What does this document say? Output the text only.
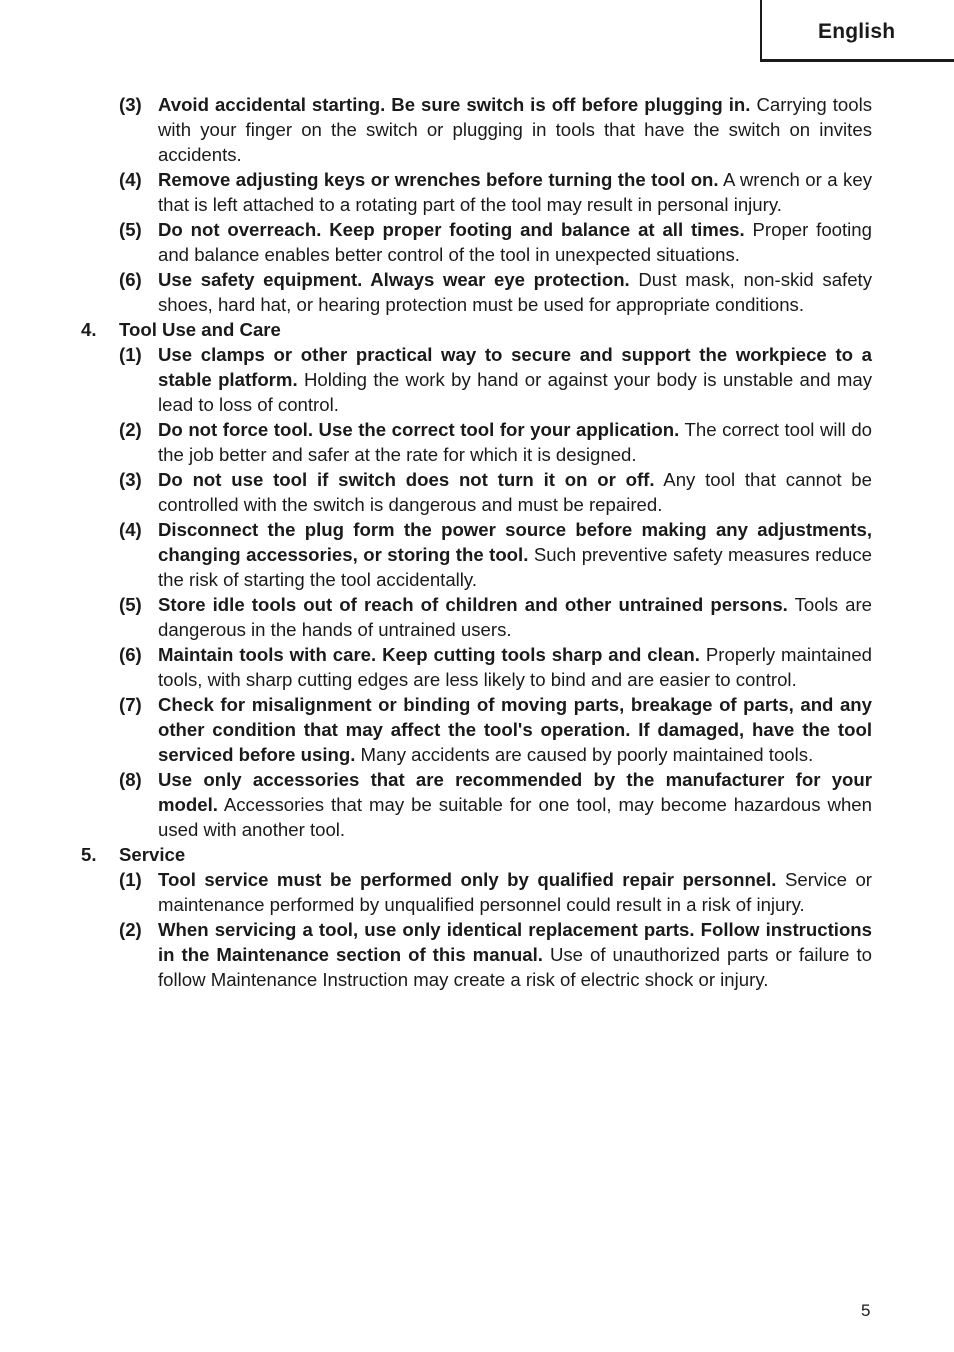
English
(3) Avoid accidental starting. Be sure switch is off before plugging in. Carrying tools with your finger on the switch or plugging in tools that have the switch on invites accidents.
(4) Remove adjusting keys or wrenches before turning the tool on. A wrench or a key that is left attached to a rotating part of the tool may result in personal injury.
(5) Do not overreach. Keep proper footing and balance at all times. Proper footing and balance enables better control of the tool in unexpected situations.
(6) Use safety equipment. Always wear eye protection. Dust mask, non-skid safety shoes, hard hat, or hearing protection must be used for appropriate conditions.
4. Tool Use and Care
(1) Use clamps or other practical way to secure and support the workpiece to a stable platform. Holding the work by hand or against your body is unstable and may lead to loss of control.
(2) Do not force tool. Use the correct tool for your application. The correct tool will do the job better and safer at the rate for which it is designed.
(3) Do not use tool if switch does not turn it on or off. Any tool that cannot be controlled with the switch is dangerous and must be repaired.
(4) Disconnect the plug form the power source before making any adjustments, changing accessories, or storing the tool. Such preventive safety measures reduce the risk of starting the tool accidentally.
(5) Store idle tools out of reach of children and other untrained persons. Tools are dangerous in the hands of untrained users.
(6) Maintain tools with care. Keep cutting tools sharp and clean. Properly maintained tools, with sharp cutting edges are less likely to bind and are easier to control.
(7) Check for misalignment or binding of moving parts, breakage of parts, and any other condition that may affect the tool's operation. If damaged, have the tool serviced before using. Many accidents are caused by poorly maintained tools.
(8) Use only accessories that are recommended by the manufacturer for your model. Accessories that may be suitable for one tool, may become hazardous when used with another tool.
5. Service
(1) Tool service must be performed only by qualified repair personnel. Service or maintenance performed by unqualified personnel could result in a risk of injury.
(2) When servicing a tool, use only identical replacement parts. Follow instructions in the Maintenance section of this manual. Use of unauthorized parts or failure to follow Maintenance Instruction may create a risk of electric shock or injury.
5
